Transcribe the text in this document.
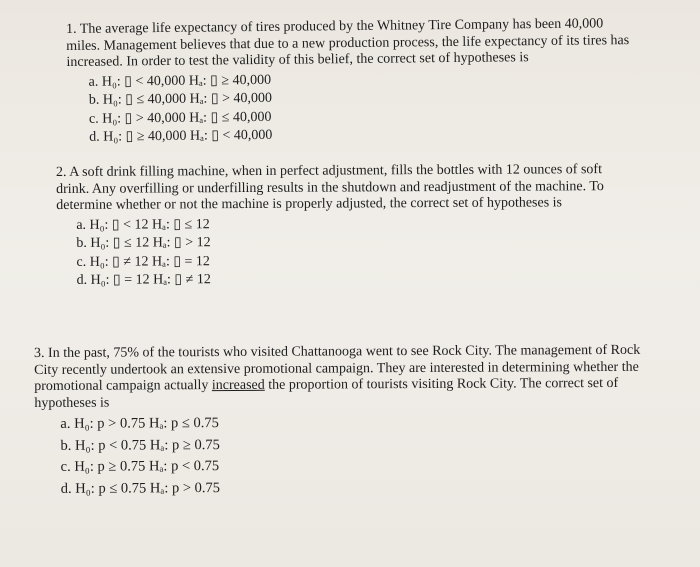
1. The average life expectancy of tires produced by the Whitney Tire Company has been 40,000 miles. Management believes that due to a new production process, the life expectancy of its tires has increased. In order to test the validity of this belief, the correct set of hypotheses is

a. H₀: ▯ < 40,000 Hₐ: ▯ ≥ 40,000
b. H₀: ▯ ≤ 40,000 Hₐ: ▯ > 40,000
c. H₀: ▯ > 40,000 Hₐ: ▯ ≤ 40,000
d. H₀: ▯ ≥ 40,000 Hₐ: ▯ < 40,000

2. A soft drink filling machine, when in perfect adjustment, fills the bottles with 12 ounces of soft drink. Any overfilling or underfilling results in the shutdown and readjustment of the machine. To determine whether or not the machine is properly adjusted, the correct set of hypotheses is

a. H₀: ▯ < 12 Hₐ: ▯ ≤ 12
b. H₀: ▯ ≤ 12 Hₐ: ▯ > 12
c. H₀: ▯ ≠ 12 Hₐ: ▯ = 12
d. H₀: ▯ = 12 Hₐ: ▯ ≠ 12

3. In the past, 75% of the tourists who visited Chattanooga went to see Rock City. The management of Rock City recently undertook an extensive promotional campaign. They are interested in determining whether the promotional campaign actually increased the proportion of tourists visiting Rock City. The correct set of hypotheses is

a. H₀: p > 0.75 Hₐ: p ≤ 0.75
b. H₀: p < 0.75 Hₐ: p ≥ 0.75
c. H₀: p ≥ 0.75 Hₐ: p < 0.75
d. H₀: p ≤ 0.75 Hₐ: p > 0.75
